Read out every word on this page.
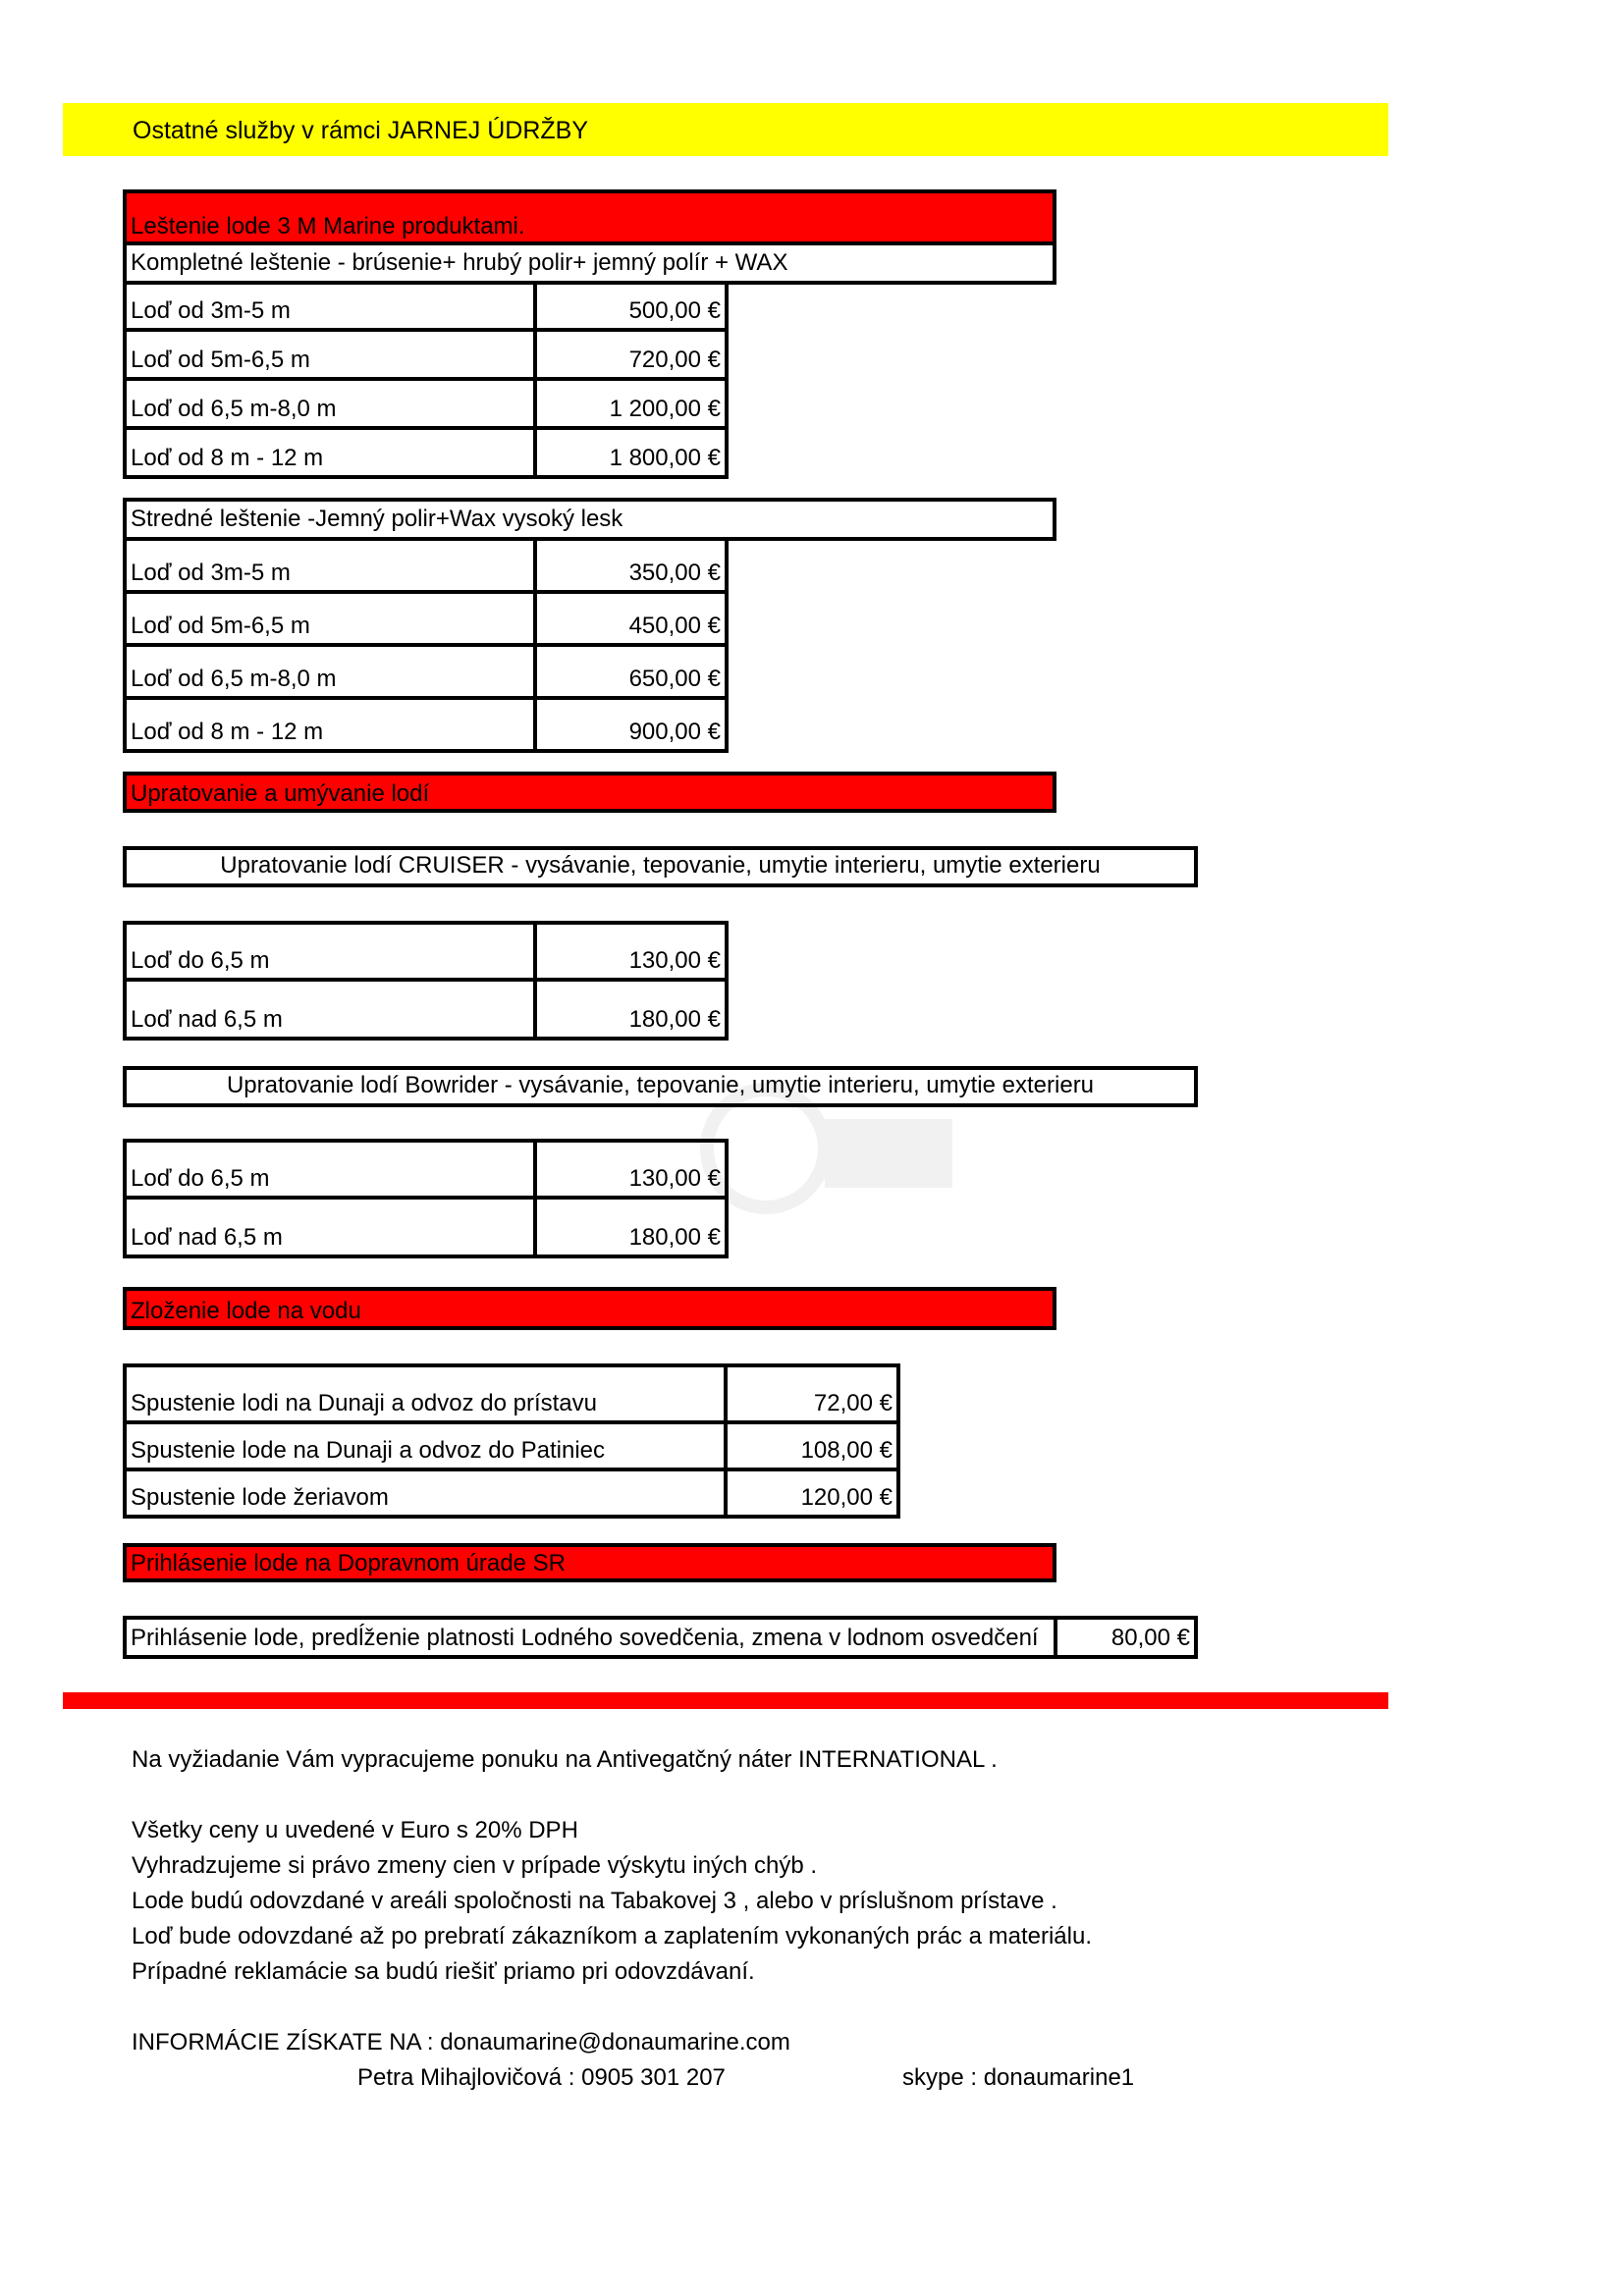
Ostatné služby v rámci JARNEJ ÚDRŽBY
Leštenie lode 3 M Marine produktami.
Kompletné leštenie - brúsenie+ hrubý polir+ jemný polír + WAX
Loď od 3m-5 m	500,00 €
Loď od 5m-6,5 m	720,00 €
Loď od 6,5 m-8,0 m	1 200,00 €
Loď od 8 m - 12 m	1 800,00 €
Stredné leštenie -Jemný polir+Wax vysoký lesk
Loď od 3m-5 m	350,00 €
Loď od 5m-6,5 m	450,00 €
Loď od 6,5 m-8,0 m	650,00 €
Loď od 8 m - 12 m	900,00 €
Upratovanie a umývanie lodí
Upratovanie lodí CRUISER - vysávanie, tepovanie, umytie interieru, umytie exterieru
Loď do 6,5 m	130,00 €
Loď nad 6,5 m	180,00 €
Upratovanie lodí Bowrider - vysávanie, tepovanie, umytie interieru, umytie exterieru
Loď do 6,5 m	130,00 €
Loď nad 6,5 m	180,00 €
Zloženie lode na vodu
Spustenie lodi na Dunaji a odvoz do prístavu	72,00 €
Spustenie lode na Dunaji a odvoz do Patiniec	108,00 €
Spustenie lode žeriavom	120,00 €
Prihlásenie lode na Dopravnom úrade SR
Prihlásenie lode, predĺženie platnosti Lodného sovedčenia, zmena v lodnom osvedčení	80,00 €
Na vyžiadanie Vám vypracujeme ponuku na Antivegatčný náter INTERNATIONAL .
Všetky ceny u uvedené v Euro s 20% DPH
Vyhradzujeme si právo zmeny cien v prípade výskytu iných chýb .
Lode budú odovzdané v areáli spoločnosti na Tabakovej 3 , alebo v príslušnom prístave .
Loď bude odovzdané až po prebratí zákazníkom a zaplatením vykonaných prác a materiálu.
Prípadné reklamácie sa budú riešiť priamo pri odovzdávaní.
INFORMÁCIE ZÍSKATE NA : donaumarine@donaumarine.com
Petra Mihajlovičová : 0905 301 207	skype : donaumarine1
